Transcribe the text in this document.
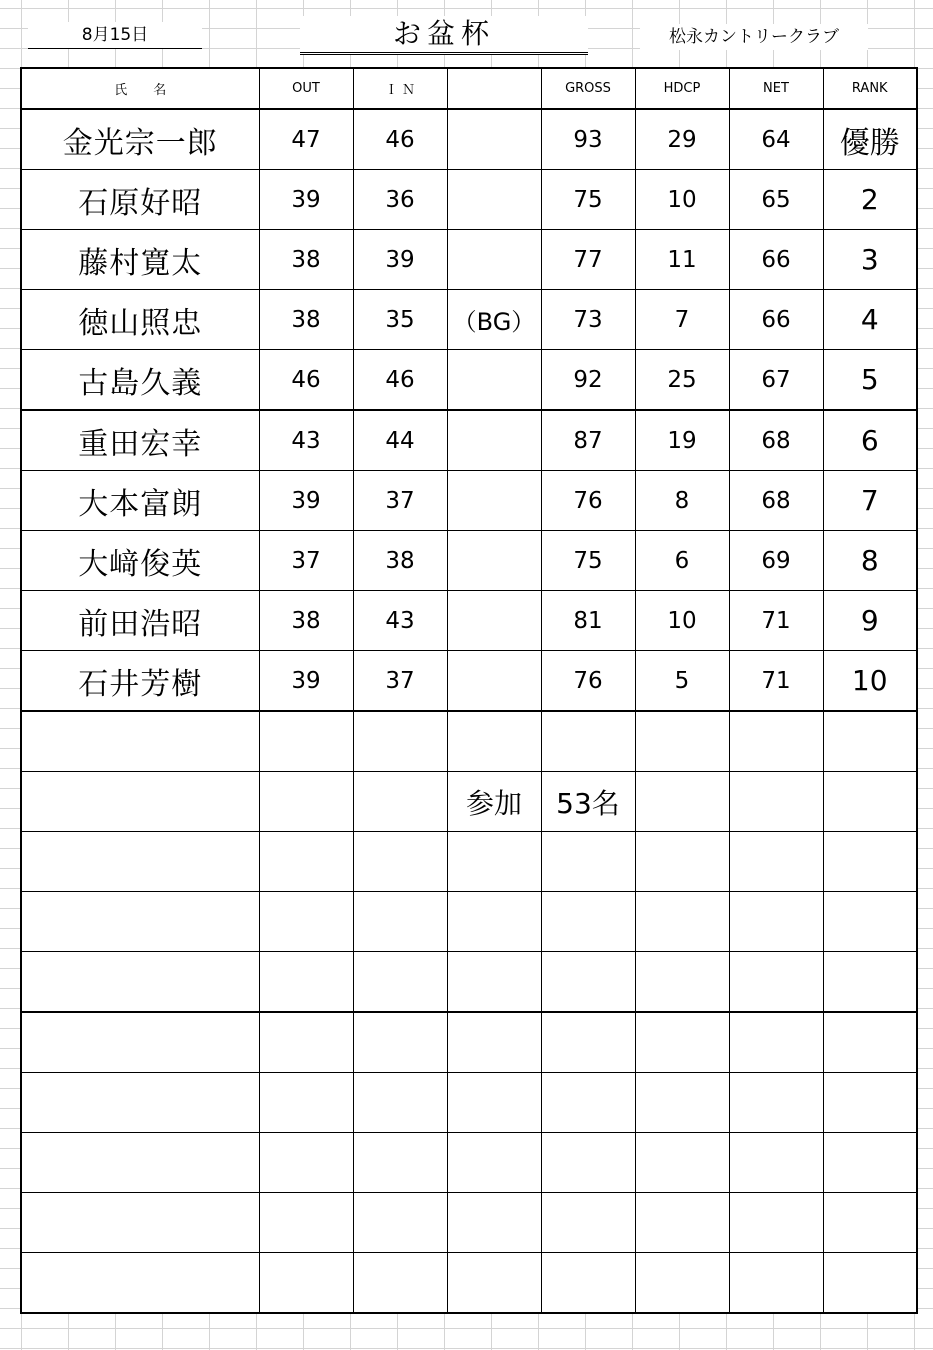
8月15日	お盆杯	松永カントリークラブ
氏　　名	OUT	Ｉ Ｎ		GROSS	HDCP	NET	RANK
金光宗一郎	47	46		93	29	64	優勝
石原好昭	39	36		75	10	65	2
藤村寛太	38	39		77	11	66	3
徳山照忠	38	35	（BG）	73	7	66	4
古島久義	46	46		92	25	67	5
重田宏幸	43	44		87	19	68	6
大本富朗	39	37		76	8	68	7
大﨑俊英	37	38		75	6	69	8
前田浩昭	38	43		81	10	71	9
石井芳樹	39	37		76	5	71	10

			参加	53名			
